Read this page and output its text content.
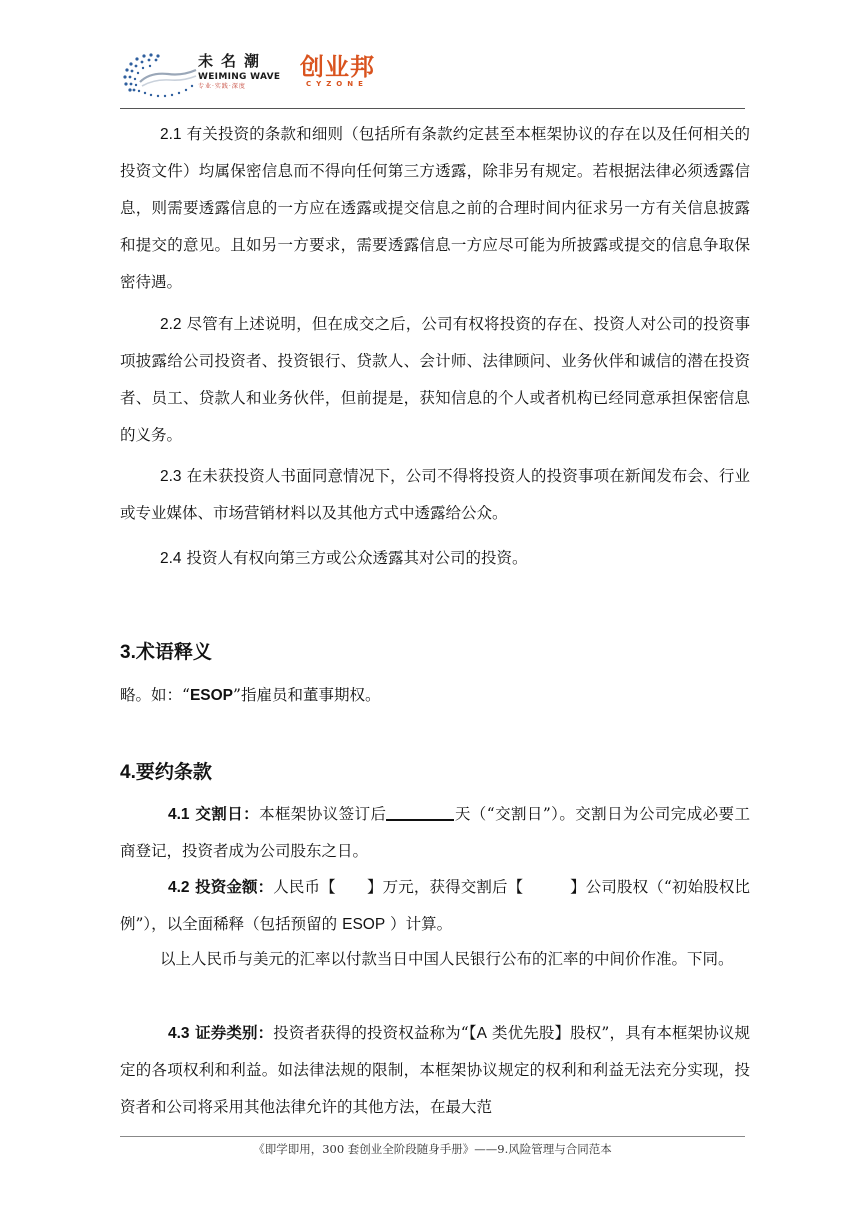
未名潮
WEIMING WAVE
专业·实践·深度
创业邦
CYZONE

2.1 有关投资的条款和细则（包括所有条款约定甚至本框架协议的存在以及任何相关的投资文件）均属保密信息而不得向任何第三方透露，除非另有规定。若根据法律必须透露信息，则需要透露信息的一方应在透露或提交信息之前的合理时间内征求另一方有关信息披露和提交的意见。且如另一方要求，需要透露信息一方应尽可能为所披露或提交的信息争取保密待遇。

2.2 尽管有上述说明，但在成交之后，公司有权将投资的存在、投资人对公司的投资事项披露给公司投资者、投资银行、贷款人、会计师、法律顾问、业务伙伴和诚信的潜在投资者、员工、贷款人和业务伙伴，但前提是，获知信息的个人或者机构已经同意承担保密信息的义务。

2.3 在未获投资人书面同意情况下，公司不得将投资人的投资事项在新闻发布会、行业或专业媒体、市场营销材料以及其他方式中透露给公众。

2.4 投资人有权向第三方或公众透露其对公司的投资。

3.术语释义

略。如：“ESOP”指雇员和董事期权。

4.要约条款

4.1 交割日：本框架协议签订后	天（“交割日”）。交割日为公司完成必要工商登记，投资者成为公司股东之日。

4.2 投资金额：人民币【　　】万元，获得交割后【　　　】公司股权（“初始股权比例”），以全面稀释（包括预留的 ESOP ）计算。

以上人民币与美元的汇率以付款当日中国人民银行公布的汇率的中间价作准。下同。

4.3 证券类别：投资者获得的投资权益称为“【A 类优先股】股权”，具有本框架协议规定的各项权利和利益。如法律法规的限制，本框架协议规定的权利和利益无法充分实现，投资者和公司将采用其他法律允许的其他方法，在最大范

《即学即用，300 套创业全阶段随身手册》——9.风险管理与合同范本
